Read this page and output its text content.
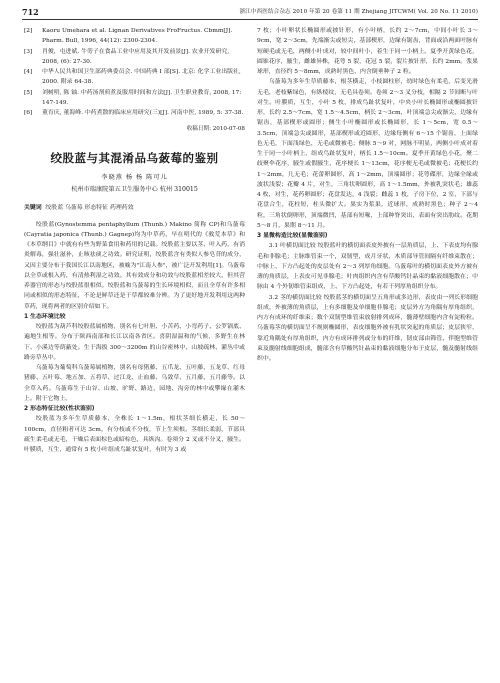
712	浙江中西医结合杂志 2010 年第 20 卷第 11 期 Zhejiang JITCWM( Vol. 20 No. 11 2010)
[2]	Kaoru Umehara et al. Lignan Derivatives FroFructus. Cbmm[J]. Pharm. Bull, 1996, 44(12): 2300-2304.
[3]	肖俊，屯进斌. 牛蒡子在食品工业中应用及其开发前景[J]. 农业开发研究, 2008, (6): 27-30.
[4]	中华人民共和国卫生部药典委员会. 中国药典 I 部[S]. 北京: 化学工业出版社, 2000. 附录 64-38.
[5]	刘树明, 陈 铀. 中药汤剂煎煮及服用时间和方法[J]. 卫生职业教育, 2008, 17: 147-149.
[6]	董育庆, 董海峰. 中药煮散的临床应用研究(三)[J]. 河南中医, 1989, 5: 37-38.

收稿日期: 2010-07-08

绞股蓝与其混淆品乌蔹莓的鉴别

李晓燕 杨 杨 陈可儿

杭州市瑞康院第五卫生服务中心 杭州 310015

关键词 绞股蓝 乌蔹莓 形态特征 药理药效

绞股蓝(Gynostemma pentaphyllum (Thunb.) Makino 简称 CP)和乌蔹莓(Cayratia japonica (Thunb.) Gagnep)均为中草药，早在明代的《救荒本草》和《本草纲目》中就有有些为野菜食用和药用的记载。绞股蓝主要以茎、叶入药，有消炎解毒，强壮滋补，止咳祛痰之功效。研究证明，绞股蓝含有类似人参皂苷的成分，又因主要分布于我国长江以南地区，被喻为"江南人参"，被广泛开发利用[1]。乌蔹莓以全草或根入药，有清热利湿之功效。其有效成分和功效与绞股蓝相差较大，但其营养器官的形态与绞股蓝很相似。绞股蓝和乌蔹莓的生长环境相似，而且全草有许多相同或相似的形态特征，不论是鲜草还是干草都较难分辨。为了更好地开发利用这两种草药，现将两者的区别介绍如下。

1 生态环境比较

绞股蓝为葫芦科绞股蓝属植物，别名有七叶胆、小苦药、小弯药子、公罗锅底、遍地生根等。分布于陕西南部和长江以南各省区。喜阴湿温和的气候，多野生在林下、小溪边等荫蔽处。生于海拔 300～3200m 的山谷密林中、山坡疏林、灌丛中或路旁草丛中。

乌蔹莓为葡萄科乌蔹莓属植物，别名有母猪藤、五爪龙、五叶藤、五龙草、红母猪藤、五叶莓、地五加、五将草、过江龙、止血藤、乌敛草、五月藤、五月藤等。以全草入药。乌蔹莓生于山谷、山坡、旷野、路边、园地、沟旁的林中或攀缘在灌木上。附于它物上。

2 形态特征比较(性状鉴别)

绞股蓝为多年生草质藤本，全株长 1～1.5m，根状茎细长横走，长 50～100cm，直径粗者可达 3cm，有分枝或不分枝，节上生须根。茎细长柔弱，节部具疏生柔毛或无毛，干燥后表面棕色或暗棕色，具纵沟。卷须分 2 叉或不分叉，腋生。叶膜质，互生，通常有 5 枚小叶组成鸟趾状复叶，有时为 3 或

7 枚；小叶卵状长椭圆形或披针形，有小叶柄，长约 2～7cm，中间小叶长 3～9cm，宽 2～3cm，先端渐尖或短尖，基部楔形，边缘有锯齿，背面或沿两面叶脉有短硬毛或无毛，两侧小叶成对，较中间叶小，着生于同一小柄上。夏季开黄绿色花，圆锥花序，腋生，雌雄异株，花萼 5 裂，花冠 5 裂，裂片披针形，长约 2mm。浆果球形，直径约 5～8mm，成熟时黑色，内含倒垂种子 2 粒。

乌蔹莓为多年生草质藤本，根茎横走，小枝圆柱形，幼时绿色有柔毛，后变光滑无毛，老枝紫绿色，有纵棱纹，无毛具卷须。卷须 2～3 叉分枝，相隔 2 节间断与叶对生。叶膜质，互生，小叶 5 枚，排成鸟趾状复叶，中央小叶长椭圆形或椭圆披针形，长约 2.5～7cm，宽 1.5～4.5cm，柄长 2～3cm，叶顶端急尖或渐尖，边缘有锯齿，基部楔形或圆形；侧生小叶椭圆形或长椭圆形，长 1～5cm，宽 0.5～3.5cm，顶端急尖或圆形，基部楔形或近圆形，边缘每侧有 6～15 个锯齿，上面绿色无毛，下面浅绿色，无毛或微被毛；侧脉 5～9 对，网脉不明显，两侧小叶成对着生于同一小叶柄上，组成鸟趾状复叶，柄长 1.5～10cm。夏季开黄绿色小花，聚二歧聚伞花序，腋生或假腋生，花序梗长 1～13cm，花序梗无毛或微被毛；花梗长约 1～2mm，几无毛；花蕾卵圆形，高 1～2mm，顶端圆形；花萼碟形，边缘全缘或波状浅裂；花瓣 4 片，对生，三角状卵圆形，高 1～1.5mm，外被乳突状毛；雄蕊 4 枚，对生，花药卵圆形；花盘发达，4 浅裂；雌蕊 1 枚，子房下位，2 室，下部与花盘合生，花柱短，柱头微扩大。果实为浆果，近球形，成熟时黑色；种子 2～4 粒，三角状倒卵形，顶端微凹，基部有短喙，上部种脊突出，表面有突出肋纹。花期 5～8 月，果期 8～11 月。

3 显微构造比较(显微鉴别)

3.1 叶横切面比较 绞股蓝叶的横切面表皮外披有一层角质层，上、下表皮均有腺毛和非腺毛；主脉维管束一个，双韧型，成月牙状，木质部导管间隔有纤维束散在；中脉上、下方凸起处的皮层处有 2～3 列厚角细胞。乌蔹莓叶的横切面表皮外方被有薄的角质层，上表皮可见非腺毛；叶肉组织内含有草酸钙针晶束的黏液细胞散在；中脉由 4 个外韧维管束组成，上、下方凸起处，有若干列厚角组织分布。

3.2 茎的横切面比较 绞股蓝茎的横切面呈五角形或多边形，表皮由一列长形细胞组成，外被薄的角质层，上有多细胞及单细胞非腺毛；皮层外方为角隅有厚角组织，内方有成环的纤维束；数个双韧型维管束放射排列成环，髓薄壁细胞内含有淀粉粒。乌蔹莓茎的横切面呈不规则椭圆形，表皮细胞外被有乳状突起的角质层；皮层狭窄，靠近角隅处有厚角组织，内方有成环排列或分布的纤维，韧皮部由筛管、伴胞型维管束及髓射线细胞组成，髓部含有草酸钙针晶束的黏液细胞分布于皮层，髓及髓射线组织中。
